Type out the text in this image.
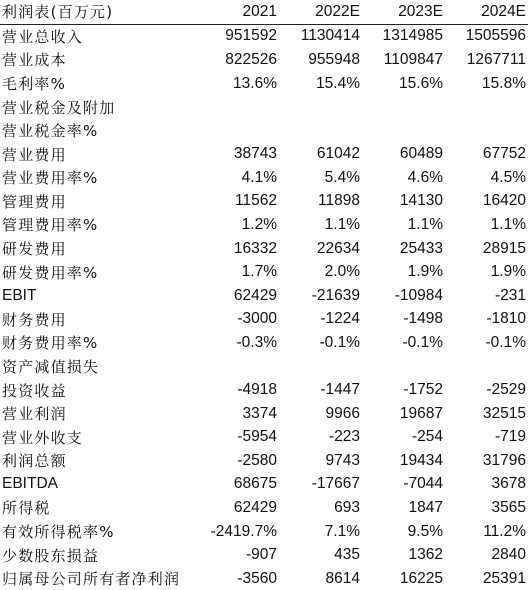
利润表(百万元)	2021	2022E	2023E	2024E
营业总收入	951592	1130414	1314985	1505596
营业成本	822526	955948	1109847	1267711
毛利率%	13.6%	15.4%	15.6%	15.8%
营业税金及附加				
营业税金率%				
营业费用	38743	61042	60489	67752
营业费用率%	4.1%	5.4%	4.6%	4.5%
管理费用	11562	11898	14130	16420
管理费用率%	1.2%	1.1%	1.1%	1.1%
研发费用	16332	22634	25433	28915
研发费用率%	1.7%	2.0%	1.9%	1.9%
EBIT	62429	-21639	-10984	-231
财务费用	-3000	-1224	-1498	-1810
财务费用率%	-0.3%	-0.1%	-0.1%	-0.1%
资产减值损失				
投资收益	-4918	-1447	-1752	-2529
营业利润	3374	9966	19687	32515
营业外收支	-5954	-223	-254	-719
利润总额	-2580	9743	19434	31796
EBITDA	68675	-17667	-7044	3678
所得税	62429	693	1847	3565
有效所得税率%	-2419.7%	7.1%	9.5%	11.2%
少数股东损益	-907	435	1362	2840
归属母公司所有者净利润	-3560	8614	16225	25391
